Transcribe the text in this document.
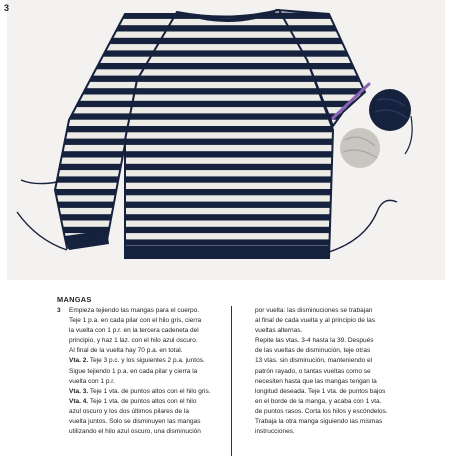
3
MANGAS
3	Empieza tejiendo las mangas para el cuerpo.
Teje 1 p.a. en cada pilar con el hilo gris, cierra
la vuelta con 1 p.r. en la tercera cadeneta del
principio, y haz 1 laz. con el hilo azul oscuro.
Al final de la vuelta hay 70 p.a. en total.
Vta. 2. Teje 3 p.c. y los siguientes 2 p.a. juntos.
Sigue tejiendo 1 p.a. en cada pilar y cierra la
vuelta con 1 p.r.
Vta. 3. Teje 1 vta. de puntos altos con el hilo gris.
Vta. 4. Teje 1 vta. de puntos altos con el hilo
azul oscuro y los dos últimos pilares de la
vuelta juntos. Solo se disminuyen las mangas
utilizando el hilo azul oscuro, una disminución
por vuelta: las disminuciones se trabajan
al final de cada vuelta y al principio de las
vueltas alternas.
Repite las vtas. 3-4 hasta la 39. Después
de las vueltas de disminución, teje otras
13 vtas. sin disminución, manteniendo el
patrón rayado, o tantas vueltas como se
necesiten hasta que las mangas tengan la
longitud deseada. Teje 1 vta. de puntos bajos
en el borde de la manga, y acaba con 1 vta.
de puntos rasos. Corta los hilos y escóndelos.
Trabaja la otra manga siguiendo las mismas
instrucciones.
